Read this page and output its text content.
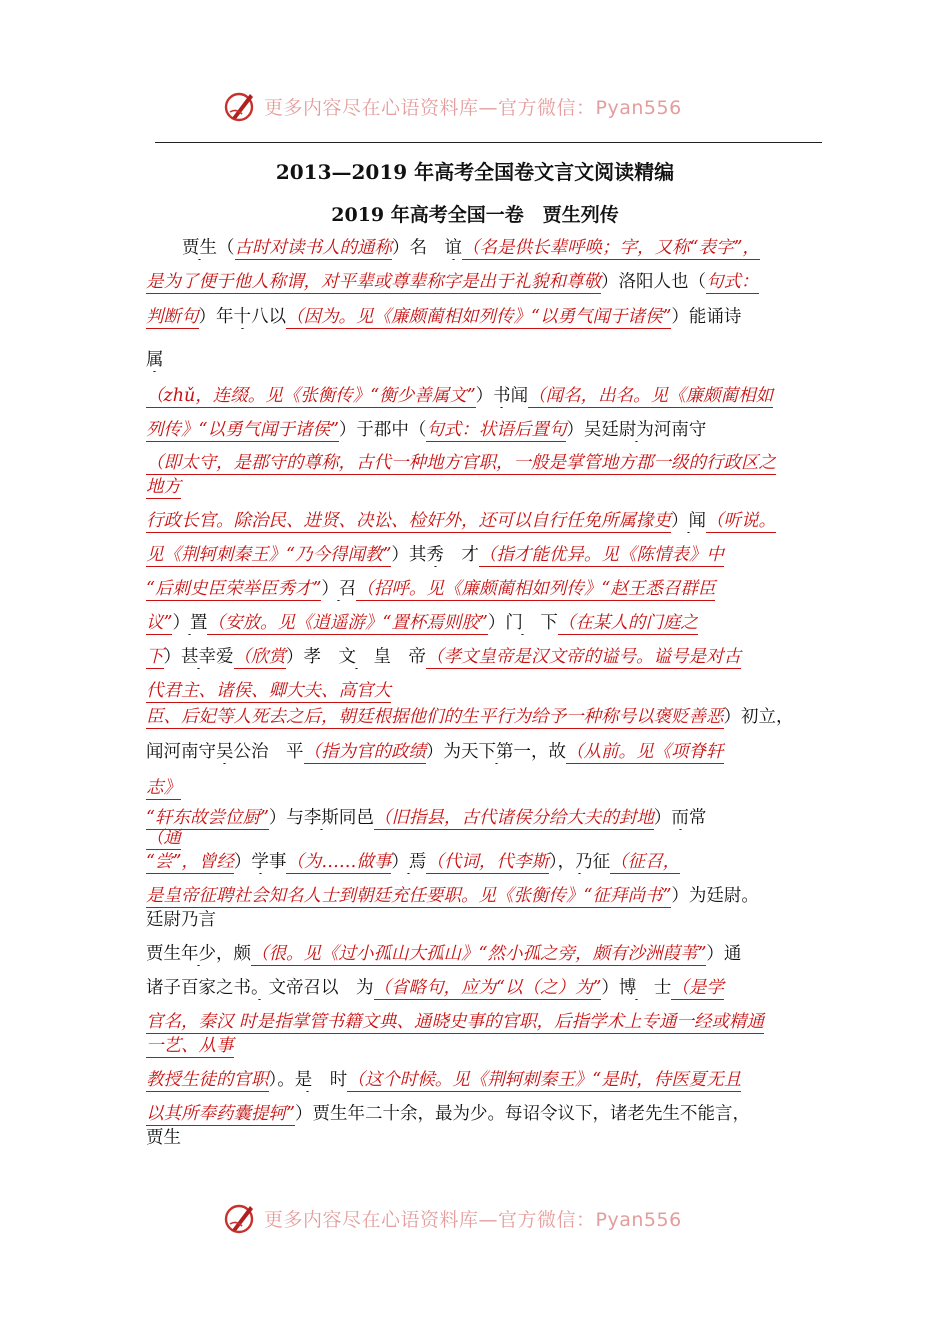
更多内容尽在心语资料库—官方微信：Pyan556
2013—2019 年高考全国卷文言文阅读精编
2019 年高考全国一卷　贾生列传
贾生（古时对读书人的通称）名　谊（名是供长辈呼唤；字，又称“表字”，
是为了便于他人称谓，对平辈或尊辈称字是出于礼貌和尊敬）洛阳人也（句式：
判断句）年十八以（因为。见《廉颇蔺相如列传》“以勇气闻于诸侯”）能诵诗
属
（zhǔ，连缀。见《张衡传》“衡少善属文”）书闻（闻名，出名。见《廉颇蔺相如
列传》“以勇气闻于诸侯”）于郡中（句式：状语后置句）吴廷尉为河南守
（即太守，是郡守的尊称，古代一种地方官职，一般是掌管地方郡一级的行政区之
地方
行政长官。除治民、进贤、决讼、检奸外，还可以自行任免所属掾吏）闻（听说。
见《荆轲刺秦王》“乃今得闻教”）其秀　才（指才能优异。见《陈情表》中
“后刺史臣荣举臣秀才”）召（招呼。见《廉颇蔺相如列传》“赵王悉召群臣
议”）置（安放。见《逍遥游》“置杯焉则胶”）门　下（在某人的门庭之
下）甚幸爱（欣赏）孝　文　皇　帝（孝文皇帝是汉文帝的谥号。谥号是对古
代君主、诸侯、卿大夫、高官大
臣、后妃等人死去之后，朝廷根据他们的生平行为给予一种称号以褒贬善恶）初立，
闻河南守吴公治　平（指为官的政绩）为天下第一，故（从前。见《项脊轩
志》
“轩东故尝位厨”）与李斯同邑（旧指县，古代诸侯分给大夫的封地）而常
（通
“尝”，曾经）学事（为……做事）焉（代词，代李斯），乃征（征召，
是皇帝征聘社会知名人士到朝廷充任要职。见《张衡传》“征拜尚书”）为廷尉。
廷尉乃言
贾生年少，颇（很。见《过小孤山大孤山》“然小孤之旁，颇有沙洲葭苇”）通
诸子百家之书。文帝召以　为（省略句，应为“以（之）为”）博　士（是学
官名，秦汉 时是指掌管书籍文典、通晓史事的官职，后指学术上专通一经或精通
一艺、从事
教授生徒的官职）。是　时（这个时候。见《荆轲刺秦王》“是时，侍医夏无且
以其所奉药囊提轲”）贾生年二十余，最为少。每诏令议下，诸老先生不能言，
贾生
更多内容尽在心语资料库—官方微信：Pyan556
